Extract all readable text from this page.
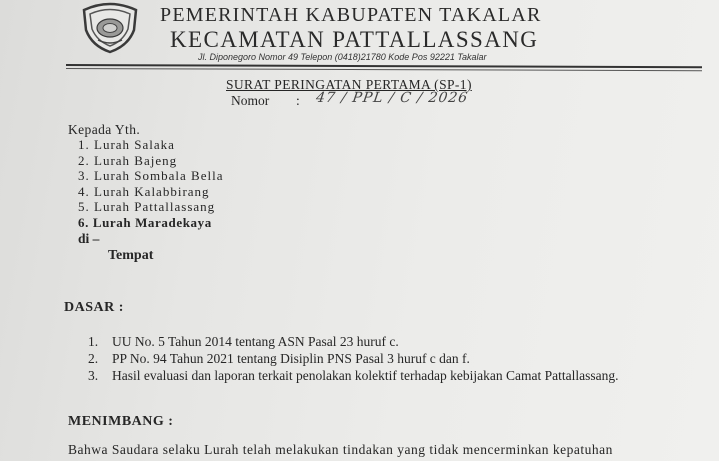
PEMERINTAH KABUPATEN TAKALAR
KECAMATAN PATTALLASSANG
Jl. Diponegoro Nomor 49 Telepon (0418)21780 Kode Pos 92221 Takalar
SURAT PERINGATAN PERTAMA (SP-1)
Nomor : 47 / PPL / C / 2026
Kepada Yth.
1. Lurah Salaka
2. Lurah Bajeng
3. Lurah Sombala Bella
4. Lurah Kalabbirang
5. Lurah Pattallassang
6. Lurah Maradekaya
di –
Tempat
DASAR :
1. UU No. 5 Tahun 2014 tentang ASN Pasal 23 huruf c.
2. PP No. 94 Tahun 2021 tentang Disiplin PNS Pasal 3 huruf c dan f.
3. Hasil evaluasi dan laporan terkait penolakan kolektif terhadap kebijakan Camat Pattallassang.
MENIMBANG :
Bahwa Saudara selaku Lurah telah melakukan tindakan yang tidak mencerminkan kepatuhan
